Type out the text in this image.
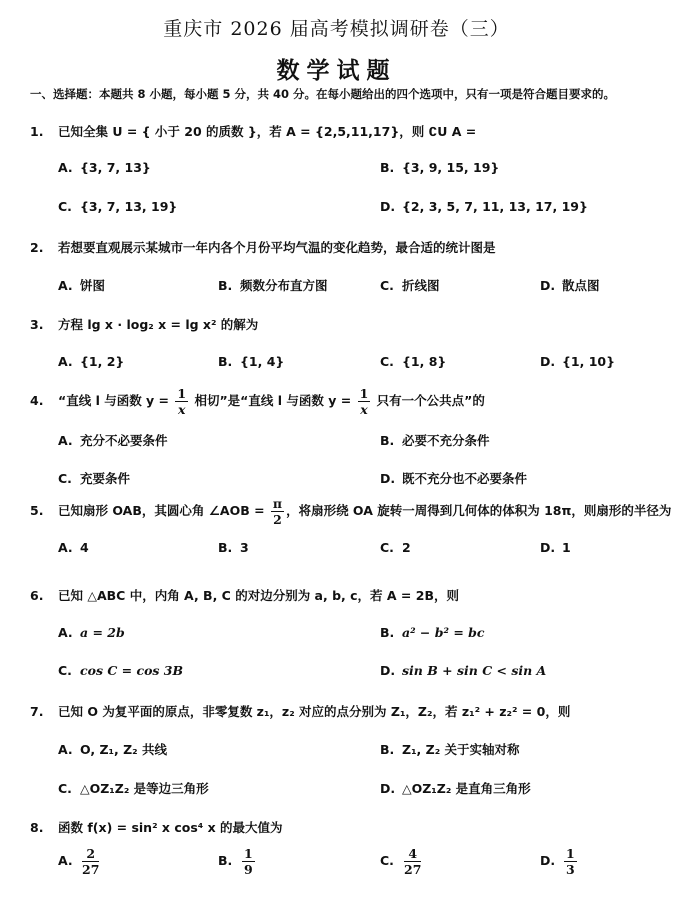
重庆市 2026 届高考模拟调研卷（三）
数学试题
一、选择题：本题共 8 小题，每小题 5 分，共 40 分。在每小题给出的四个选项中，只有一项是符合题目要求的。
1. 已知全集 U = { 小于 20 的质数 }，若 A = {2,5,11,17}，则 ∁U A =
A. {3, 7, 13}	B. {3, 9, 15, 19}
C. {3, 7, 13, 19}	D. {2, 3, 5, 7, 11, 13, 17, 19}
2. 若想要直观展示某城市一年内各个月份平均气温的变化趋势，最合适的统计图是
A. 饼图	B. 频数分布直方图	C. 折线图	D. 散点图
3. 方程 lg x · log₂ x = lg x² 的解为
A. {1, 2}	B. {1, 4}	C. {1, 8}	D. {1, 10}
4. “直线 l 与函数 $y = \frac{1}{x}$ 相切”是“直线 l 与函数 $y = \frac{1}{x}$ 只有一个公共点”的
A. 充分不必要条件	B. 必要不充分条件
C. 充要条件	D. 既不充分也不必要条件
5. 已知扇形 OAB，其圆心角 ∠AOB = $\frac{\pi}{2}$ ，将扇形绕 OA 旋转一周得到几何体的体积为 18π，则扇形的半径为
A. 4	B. 3	C. 2	D. 1
6. 已知 △ABC 中，内角 A, B, C 的对边分别为 a, b, c，若 A = 2B，则
A. a = 2b	B. a² − b² = bc
C. cos C = cos 3B	D. sin B + sin C < sin A
7. 已知 O 为复平面的原点，非零复数 z₁，z₂ 对应的点分别为 Z₁，Z₂，若 z₁² + z₂² = 0，则
A. O, Z₁, Z₂ 共线	B. Z₁, Z₂ 关于实轴对称
C. △OZ₁Z₂ 是等边三角形	D. △OZ₁Z₂ 是直角三角形
8. 函数 f(x) = sin² x cos⁴ x 的最大值为
A. $\frac{2}{27}$	B. $\frac{1}{9}$	C. $\frac{4}{27}$	D. $\frac{1}{3}$
